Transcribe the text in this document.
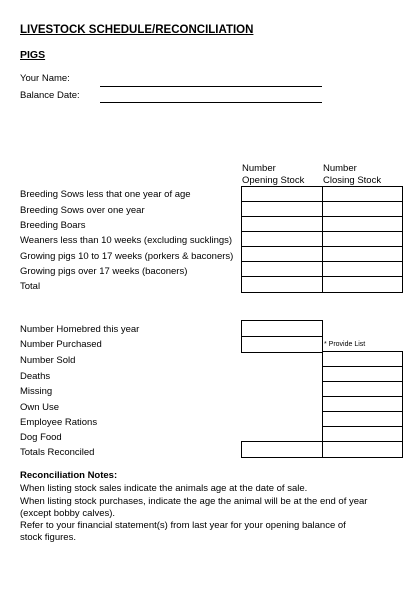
LIVESTOCK SCHEDULE/RECONCILIATION
PIGS
Your Name:
Balance Date:
Number
Opening Stock
Number
Closing Stock
Breeding Sows less that one year of age
Breeding Sows over one year
Breeding Boars
Weaners less than 10 weeks (excluding sucklings)
Growing pigs 10 to 17 weeks (porkers & baconers)
Growing pigs over 17 weeks (baconers)
Total
Number Homebred this year
Number Purchased
Number Sold
Deaths
Missing
Own Use
Employee Rations
Dog Food
Totals Reconciled
* Provide List
Reconciliation Notes:
When listing stock sales indicate the animals age at the date of sale.
When listing stock purchases, indicate the age the animal will be at the end of year
(except bobby calves).
Refer to your financial statement(s) from last year for your opening balance of
stock figures.
